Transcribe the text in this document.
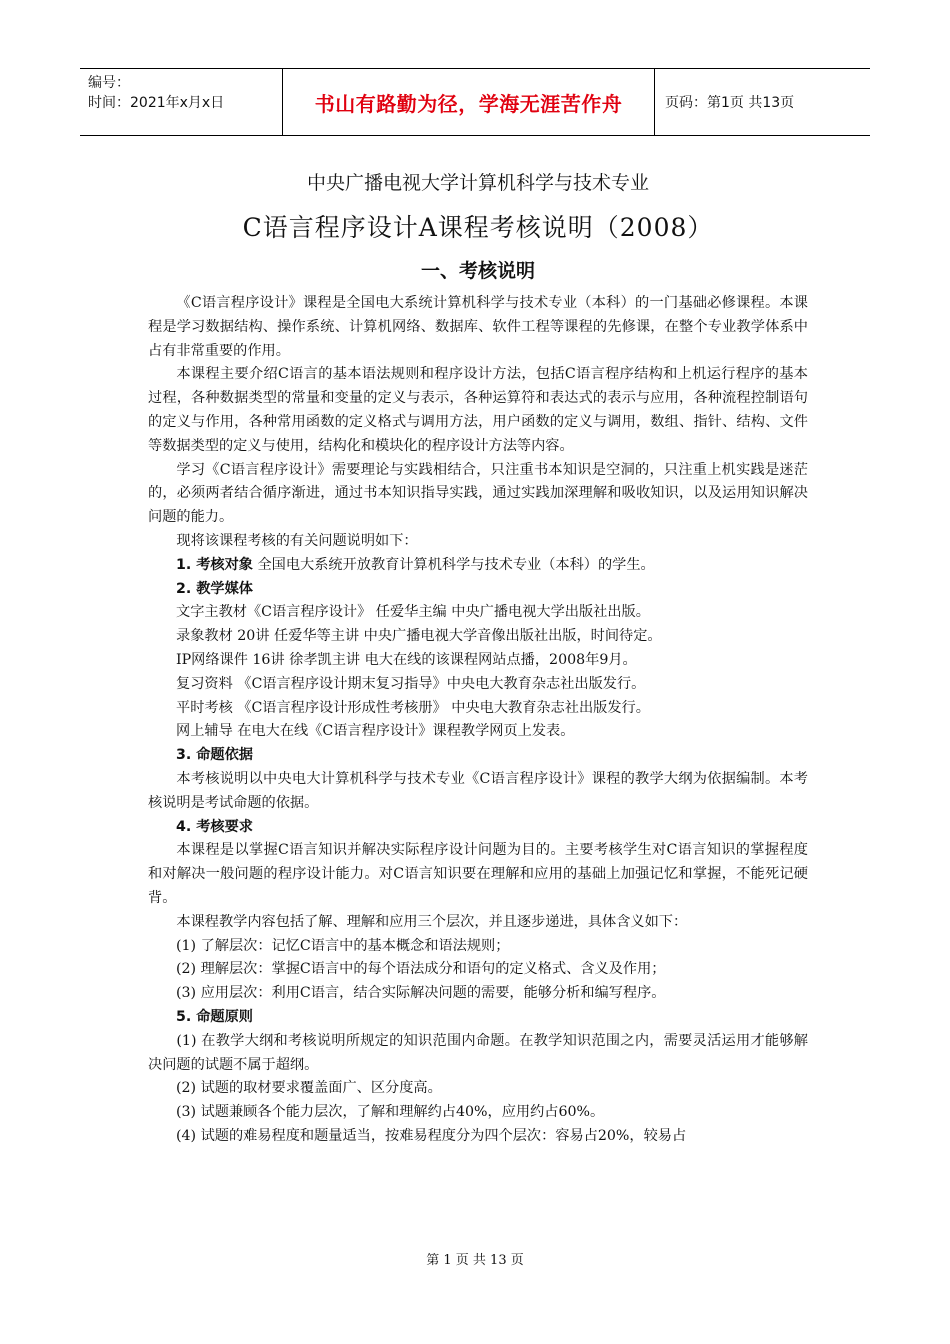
编号：
时间：2021年x月x日	书山有路勤为径，学海无涯苦作舟	页码：第1页 共13页

中央广播电视大学计算机科学与技术专业

C语言程序设计A课程考核说明（2008）

一、考核说明

《C语言程序设计》课程是全国电大系统计算机科学与技术专业（本科）的一门基础必修课程。本课程是学习数据结构、操作系统、计算机网络、数据库、软件工程等课程的先修课，在整个专业教学体系中占有非常重要的作用。

本课程主要介绍C语言的基本语法规则和程序设计方法，包括C语言程序结构和上机运行程序的基本过程，各种数据类型的常量和变量的定义与表示，各种运算符和表达式的表示与应用，各种流程控制语句的定义与作用，各种常用函数的定义格式与调用方法，用户函数的定义与调用，数组、指针、结构、文件等数据类型的定义与使用，结构化和模块化的程序设计方法等内容。

学习《C语言程序设计》需要理论与实践相结合，只注重书本知识是空洞的，只注重上机实践是迷茫的，必须两者结合循序渐进，通过书本知识指导实践，通过实践加深理解和吸收知识，以及运用知识解决问题的能力。

现将该课程考核的有关问题说明如下：

1. 考核对象 全国电大系统开放教育计算机科学与技术专业（本科）的学生。

2. 教学媒体

文字主教材《C语言程序设计》 任爱华主编 中央广播电视大学出版社出版。

录象教材 20讲 任爱华等主讲 中央广播电视大学音像出版社出版，时间待定。

IP网络课件 16讲 徐孝凯主讲 电大在线的该课程网站点播，2008年9月。

复习资料 《C语言程序设计期末复习指导》中央电大教育杂志社出版发行。

平时考核 《C语言程序设计形成性考核册》 中央电大教育杂志社出版发行。

网上辅导 在电大在线《C语言程序设计》课程教学网页上发表。

3. 命题依据

本考核说明以中央电大计算机科学与技术专业《C语言程序设计》课程的教学大纲为依据编制。本考核说明是考试命题的依据。

4. 考核要求

本课程是以掌握C语言知识并解决实际程序设计问题为目的。主要考核学生对C语言知识的掌握程度和对解决一般问题的程序设计能力。对C语言知识要在理解和应用的基础上加强记忆和掌握，不能死记硬背。

本课程教学内容包括了解、理解和应用三个层次，并且逐步递进，具体含义如下：

(1) 了解层次：记忆C语言中的基本概念和语法规则；

(2) 理解层次：掌握C语言中的每个语法成分和语句的定义格式、含义及作用；

(3) 应用层次：利用C语言，结合实际解决问题的需要，能够分析和编写程序。

5. 命题原则

(1) 在教学大纲和考核说明所规定的知识范围内命题。在教学知识范围之内，需要灵活运用才能够解决问题的试题不属于超纲。

(2) 试题的取材要求覆盖面广、区分度高。

(3) 试题兼顾各个能力层次，了解和理解约占40%，应用约占60%。

(4) 试题的难易程度和题量适当，按难易程度分为四个层次：容易占20%，较易占

第 1 页 共 13 页
